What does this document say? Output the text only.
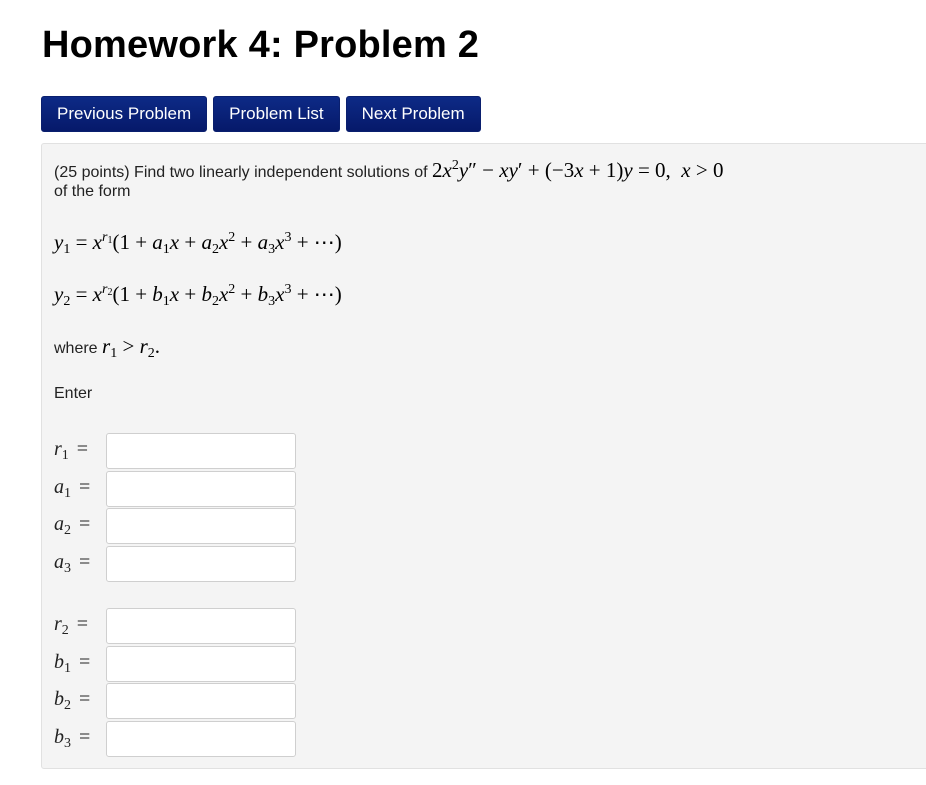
Homework 4: Problem 2
Previous Problem	Problem List	Next Problem
(25 points) Find two linearly independent solutions of $2x^2y'' - xy' + (-3x + 1)y = 0$,  x > 0
of the form
$y_1 = x^{r_1}(1 + a_1x + a_2x^2 + a_3x^3$ + ⋯)
$y_2 = x^{r_2}(1 + b_1x + b_2x^2 + b_3x^3$ + ⋯)
where $r_1 > r_2$.
Enter
$r_1$ =
$a_1$ =
$a_2$ =
$a_3$ =
$r_2$ =
$b_1$ =
$b_2$ =
$b_3$ =
